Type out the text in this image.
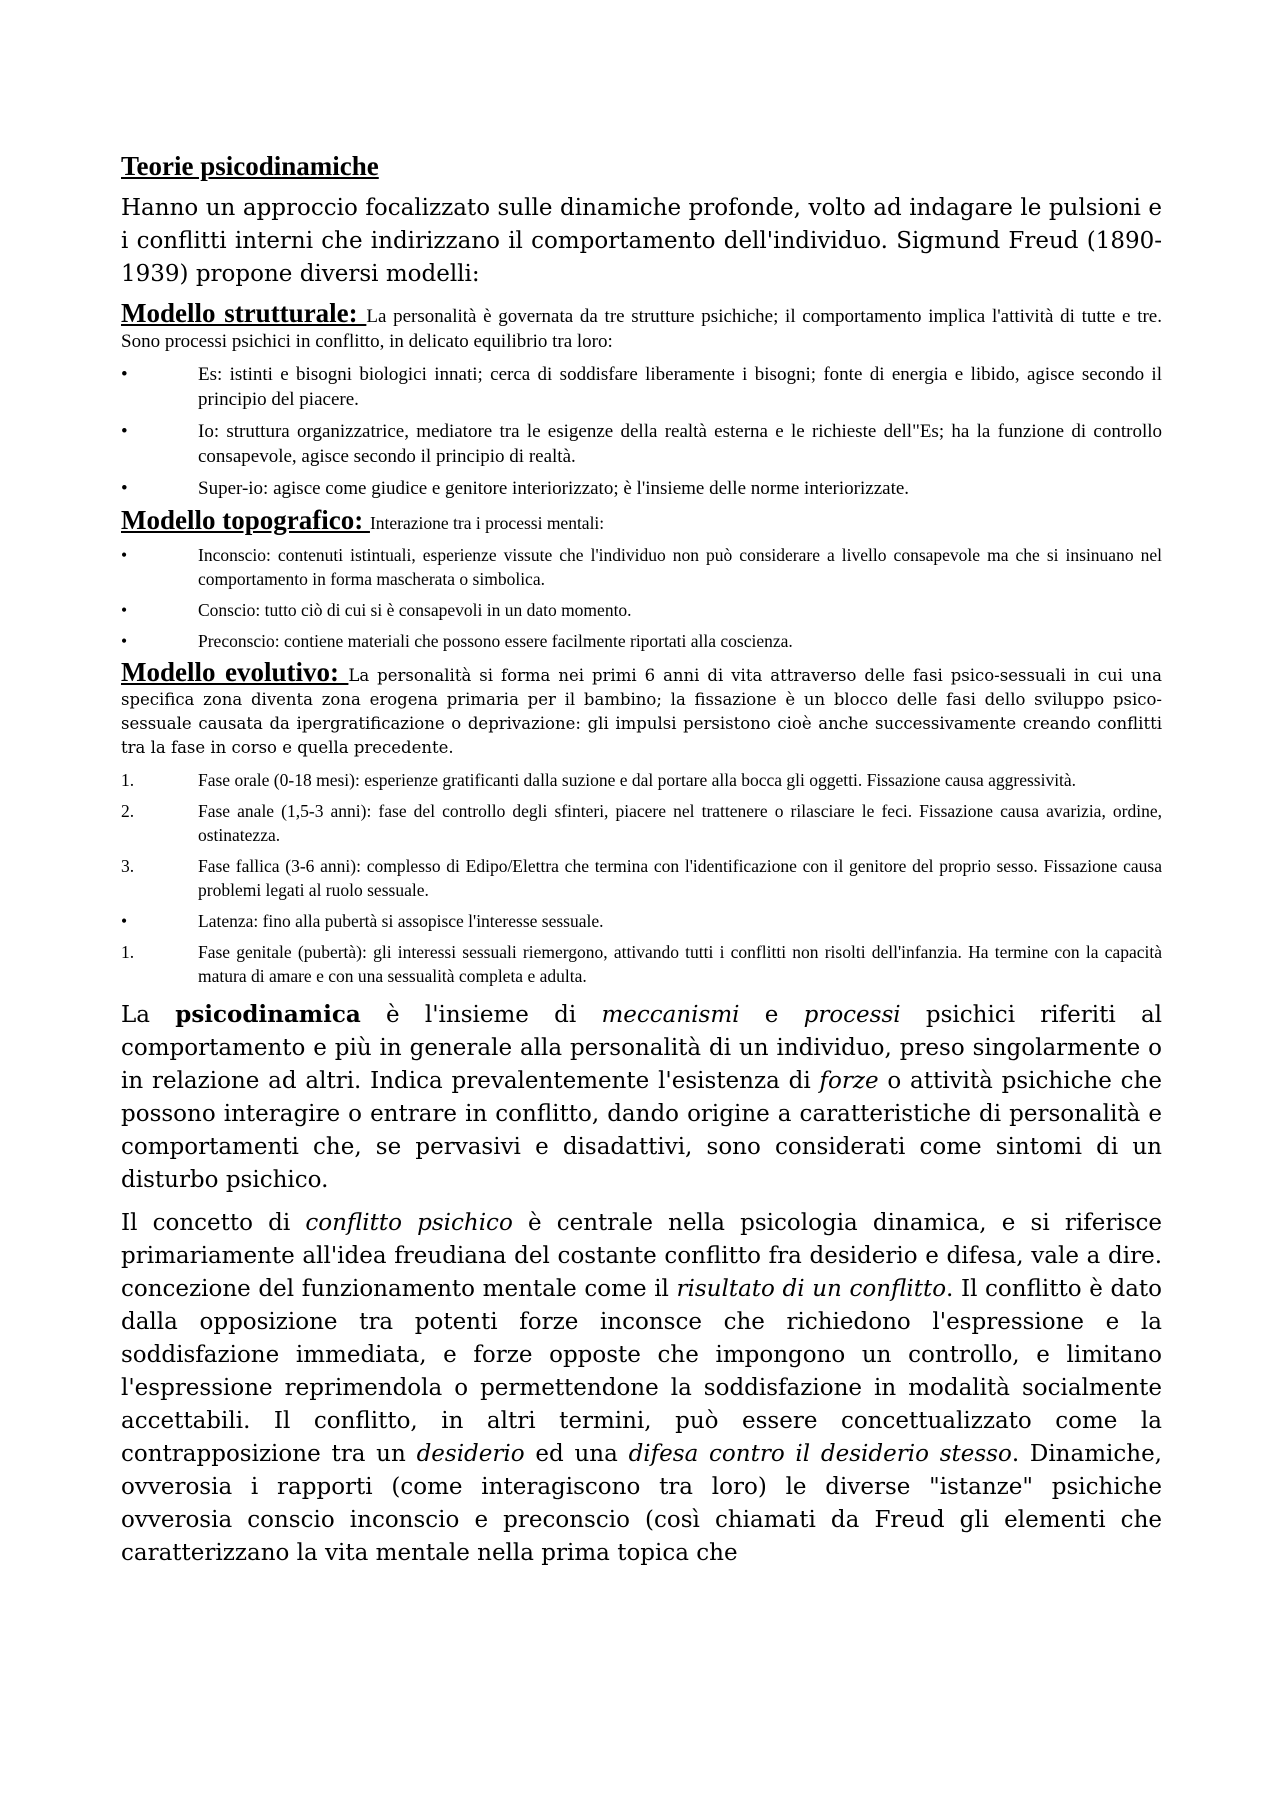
Teorie psicodinamiche
Hanno un approccio focalizzato sulle dinamiche profonde, volto ad indagare le pulsioni e i conflitti interni che indirizzano il comportamento dell'individuo. Sigmund Freud (1890-1939) propone diversi modelli:
Modello strutturale: La personalità è governata da tre strutture psichiche; il comportamento implica l'attività di tutte e tre. Sono processi psichici in conflitto, in delicato equilibrio tra loro:
•	Es: istinti e bisogni biologici innati; cerca di soddisfare liberamente i bisogni; fonte di energia e libido, agisce secondo il principio del piacere.
•	Io: struttura organizzatrice, mediatore tra le esigenze della realtà esterna e le richieste dell"Es; ha la funzione di controllo consapevole, agisce secondo il principio di realtà.
•	Super-io: agisce come giudice e genitore interiorizzato; è l'insieme delle norme interiorizzate.
Modello topografico: Interazione tra i processi mentali:
•	Inconscio: contenuti istintuali, esperienze vissute che l'individuo non può considerare a livello consapevole ma che si insinuano nel comportamento in forma mascherata o simbolica.
•	Conscio: tutto ciò di cui si è consapevoli in un dato momento.
•	Preconscio: contiene materiali che possono essere facilmente riportati alla coscienza.
Modello evolutivo: La personalità si forma nei primi 6 anni di vita attraverso delle fasi psico-sessuali in cui una specifica zona diventa zona erogena primaria per il bambino; la fissazione è un blocco delle fasi dello sviluppo psico-sessuale causata da ipergratificazione o deprivazione: gli impulsi persistono cioè anche successivamente creando conflitti tra la fase in corso e quella precedente.
1.	Fase orale (0-18 mesi): esperienze gratificanti dalla suzione e dal portare alla bocca gli oggetti. Fissazione causa aggressività.
2.	Fase anale (1,5-3 anni): fase del controllo degli sfinteri, piacere nel trattenere o rilasciare le feci. Fissazione causa avarizia, ordine, ostinatezza.
3.	Fase fallica (3-6 anni): complesso di Edipo/Elettra che termina con l'identificazione con il genitore del proprio sesso. Fissazione causa problemi legati al ruolo sessuale.
•	Latenza: fino alla pubertà si assopisce l'interesse sessuale.
1.	Fase genitale (pubertà): gli interessi sessuali riemergono, attivando tutti i conflitti non risolti dell'infanzia. Ha termine con la capacità matura di amare e con una sessualità completa e adulta.
La psicodinamica è l'insieme di meccanismi e processi psichici riferiti al comportamento e più in generale alla personalità di un individuo, preso singolarmente o in relazione ad altri. Indica prevalentemente l'esistenza di forze o attività psichiche che possono interagire o entrare in conflitto, dando origine a caratteristiche di personalità e comportamenti che, se pervasivi e disadattivi, sono considerati come sintomi di un disturbo psichico.
Il concetto di conflitto psichico è centrale nella psicologia dinamica, e si riferisce primariamente all'idea freudiana del costante conflitto fra desiderio e difesa, vale a dire. concezione del funzionamento mentale come il risultato di un conflitto. Il conflitto è dato dalla opposizione tra potenti forze inconsce che richiedono l'espressione e la soddisfazione immediata, e forze opposte che impongono un controllo, e limitano l'espressione reprimendola o permettendone la soddisfazione in modalità socialmente accettabili. Il conflitto, in altri termini, può essere concettualizzato come la contrapposizione tra un desiderio ed una difesa contro il desiderio stesso. Dinamiche, ovverosia i rapporti (come interagiscono tra loro) le diverse "istanze" psichiche ovverosia conscio inconscio e preconscio (così chiamati da Freud gli elementi che caratterizzano la vita mentale nella prima topica che
